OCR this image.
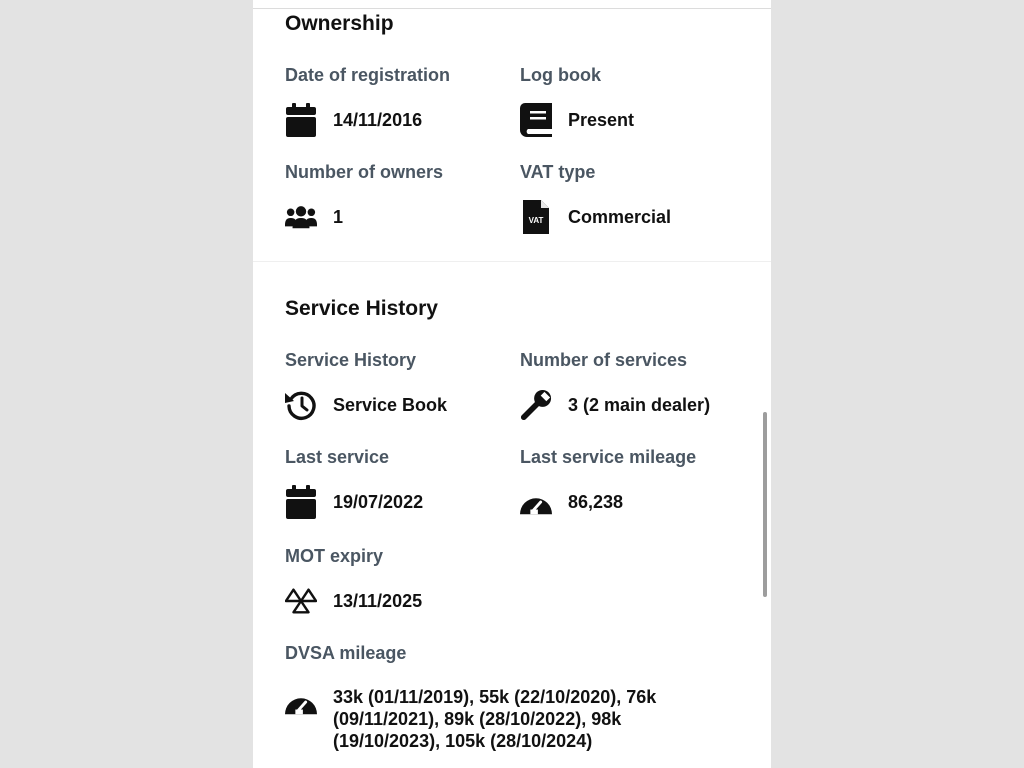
Ownership
Date of registration
14/11/2016
Log book
Present
Number of owners
1
VAT type
VAT Commercial
Service History
Service History
Service Book
Number of services
3 (2 main dealer)
Last service
19/07/2022
Last service mileage
86,238
MOT expiry
13/11/2025
DVSA mileage
33k (01/11/2019), 55k (22/10/2020), 76k (09/11/2021), 89k (28/10/2022), 98k (19/10/2023), 105k (28/10/2024)
